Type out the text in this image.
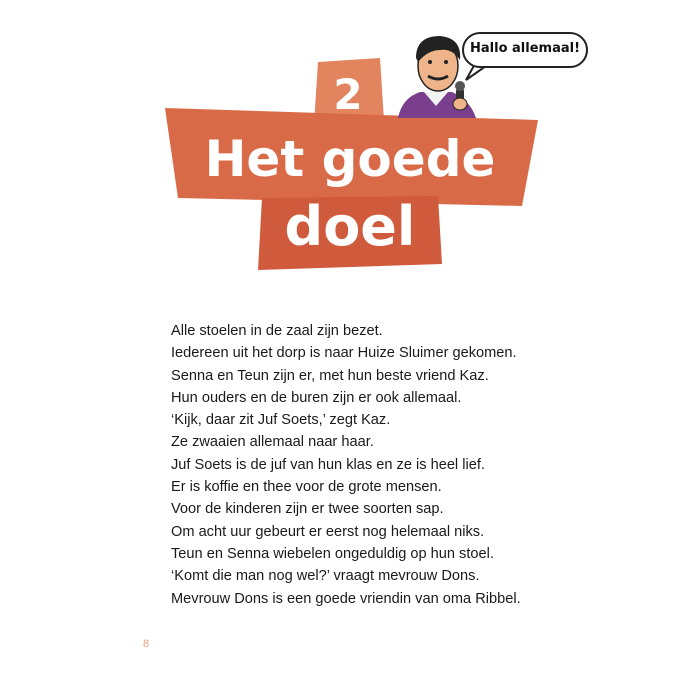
2
Het goede
doel
Hallo allemaal!
Alle stoelen in de zaal zijn bezet.
Iedereen uit het dorp is naar Huize Sluimer gekomen.
Senna en Teun zijn er, met hun beste vriend Kaz.
Hun ouders en de buren zijn er ook allemaal.
‘Kijk, daar zit Juf Soets,’ zegt Kaz.
Ze zwaaien allemaal naar haar.
Juf Soets is de juf van hun klas en ze is heel lief.
Er is koffie en thee voor de grote mensen.
Voor de kinderen zijn er twee soorten sap.
Om acht uur gebeurt er eerst nog helemaal niks.
Teun en Senna wiebelen ongeduldig op hun stoel.
‘Komt die man nog wel?’ vraagt mevrouw Dons.
Mevrouw Dons is een goede vriendin van oma Ribbel.
8
